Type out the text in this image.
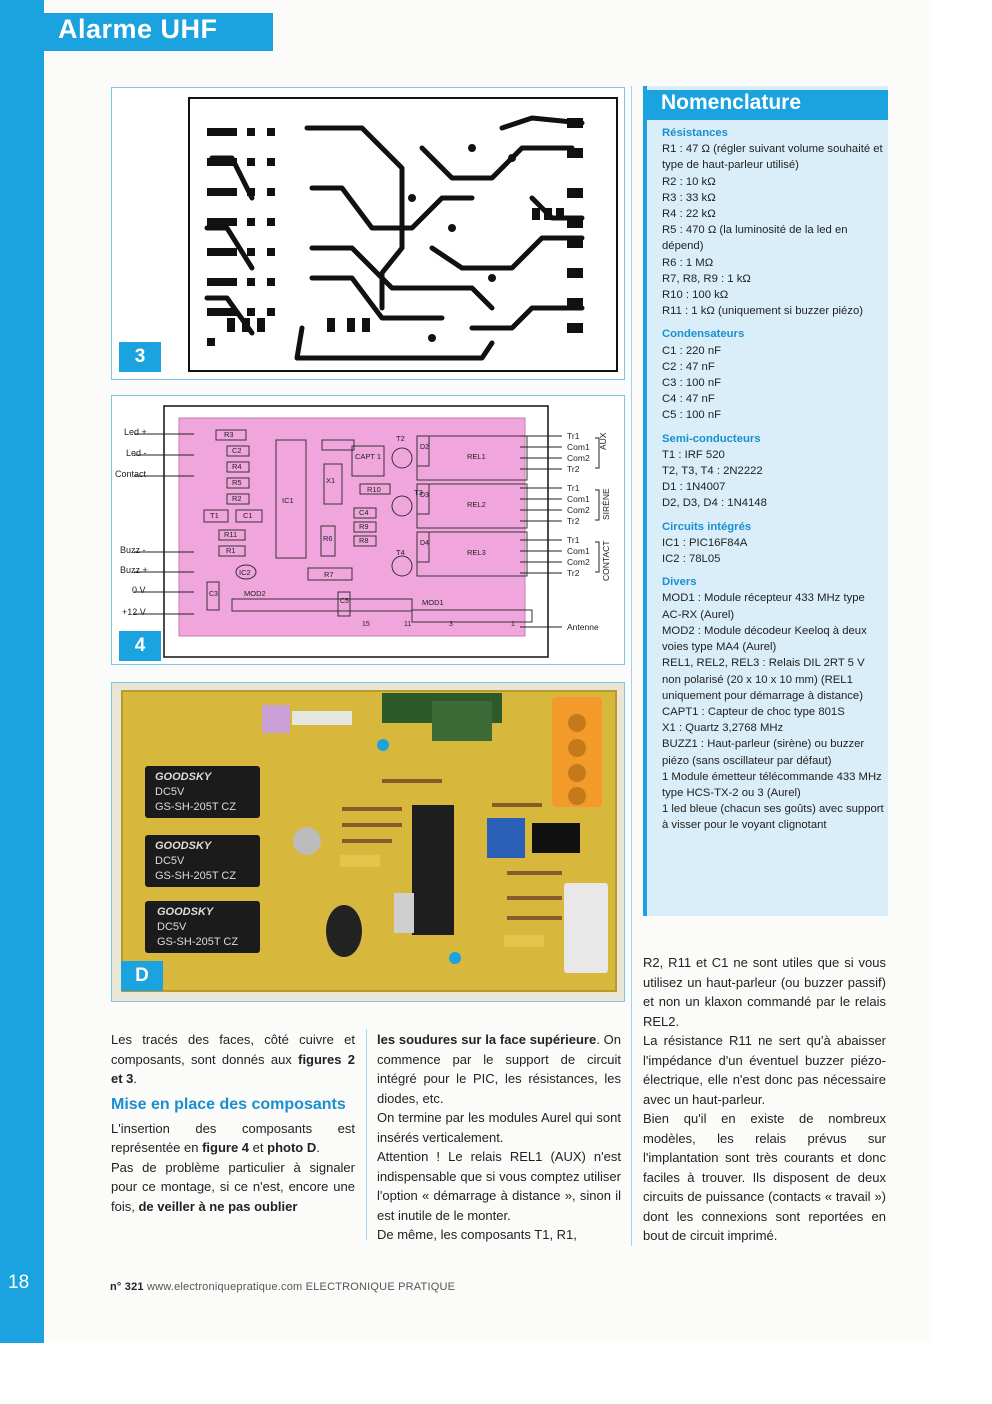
Alarme UHF
18
3
Led +
Led -
Contact
Buzz -
Buzz +
0 V
+12 V
Tr1
Com1
Com2
Tr2
Tr1
Com1
Com2
Tr2
Tr1
Com1
Com2
Tr2
Antenne
AUX
SIRÈNE
CONTACT
R3
C2
R4
R5
R2
T1	C1
R11
R1
IC1
CAPT 1
X1
R10
C4
R9
R8
R6
T2
T3
T4
R7
REL1
REL2
REL3
IC2
MOD2
MOD1
D2
D3
D4
C3
C5
15	11	3	1
4
GOODSKY
DC5V
GS-SH-205T CZ
GOODSKY
DC5V
GS-SH-205T CZ
GOODSKY
DC5V
GS-SH-205T CZ
D
Nomenclature
Résistances
R1 : 47 Ω (régler suivant volume souhaité et type de haut-parleur utilisé)
R2 : 10 kΩ
R3 : 33 kΩ
R4 : 22 kΩ
R5 : 470 Ω (la luminosité de la led en dépend)
R6 : 1 MΩ
R7, R8, R9 : 1 kΩ
R10 : 100 kΩ
R11 : 1 kΩ (uniquement si buzzer piézo)
Condensateurs
C1 : 220 nF
C2 : 47 nF
C3 : 100 nF
C4 : 47 nF
C5 : 100 nF
Semi-conducteurs
T1 : IRF 520
T2, T3, T4 : 2N2222
D1 : 1N4007
D2, D3, D4 : 1N4148
Circuits intégrés
IC1 : PIC16F84A
IC2 : 78L05
Divers
MOD1 : Module récepteur 433 MHz type AC-RX (Aurel)
MOD2 : Module décodeur Keeloq à deux voies type MA4 (Aurel)
REL1, REL2, REL3 : Relais DIL 2RT 5 V non polarisé (20 x 10 x 10 mm) (REL1 uniquement pour démarrage à distance)
CAPT1 : Capteur de choc type 801S
X1 : Quartz 3,2768 MHz
BUZZ1 : Haut-parleur (sirène) ou buzzer piézo (sans oscillateur par défaut)
1 Module émetteur télécommande 433 MHz type HCS-TX-2 ou 3 (Aurel)
1 led bleue (chacun ses goûts) avec support à visser pour le voyant clignotant

Les tracés des faces, côté cuivre et composants, sont donnés aux figures 2 et 3.

Mise en place des composants

L'insertion des composants est représentée en figure 4 et photo D.

Pas de problème particulier à signaler pour ce montage, si ce n'est, encore une fois, de veiller à ne pas oublier

les soudures sur la face supérieure. On commence par le support de circuit intégré pour le PIC, les résistances, les diodes, etc.

On termine par les modules Aurel qui sont insérés verticalement.

Attention ! Le relais REL1 (AUX) n'est indispensable que si vous comptez utiliser l'option « démarrage à distance », sinon il est inutile de le monter.

De même, les composants T1, R1,

R2, R11 et C1 ne sont utiles que si vous utilisez un haut-parleur (ou buzzer passif) et non un klaxon commandé par le relais REL2.

La résistance R11 ne sert qu'à abaisser l'impédance d'un éventuel buzzer piézo-électrique, elle n'est donc pas nécessaire avec un haut-parleur.

Bien qu'il en existe de nombreux modèles, les relais prévus sur l'implantation sont très courants et donc faciles à trouver. Ils disposent de deux circuits de puissance (contacts « travail ») dont les connexions sont reportées en bout de circuit imprimé.

n° 321 www.electroniquepratique.com ELECTRONIQUE PRATIQUE
